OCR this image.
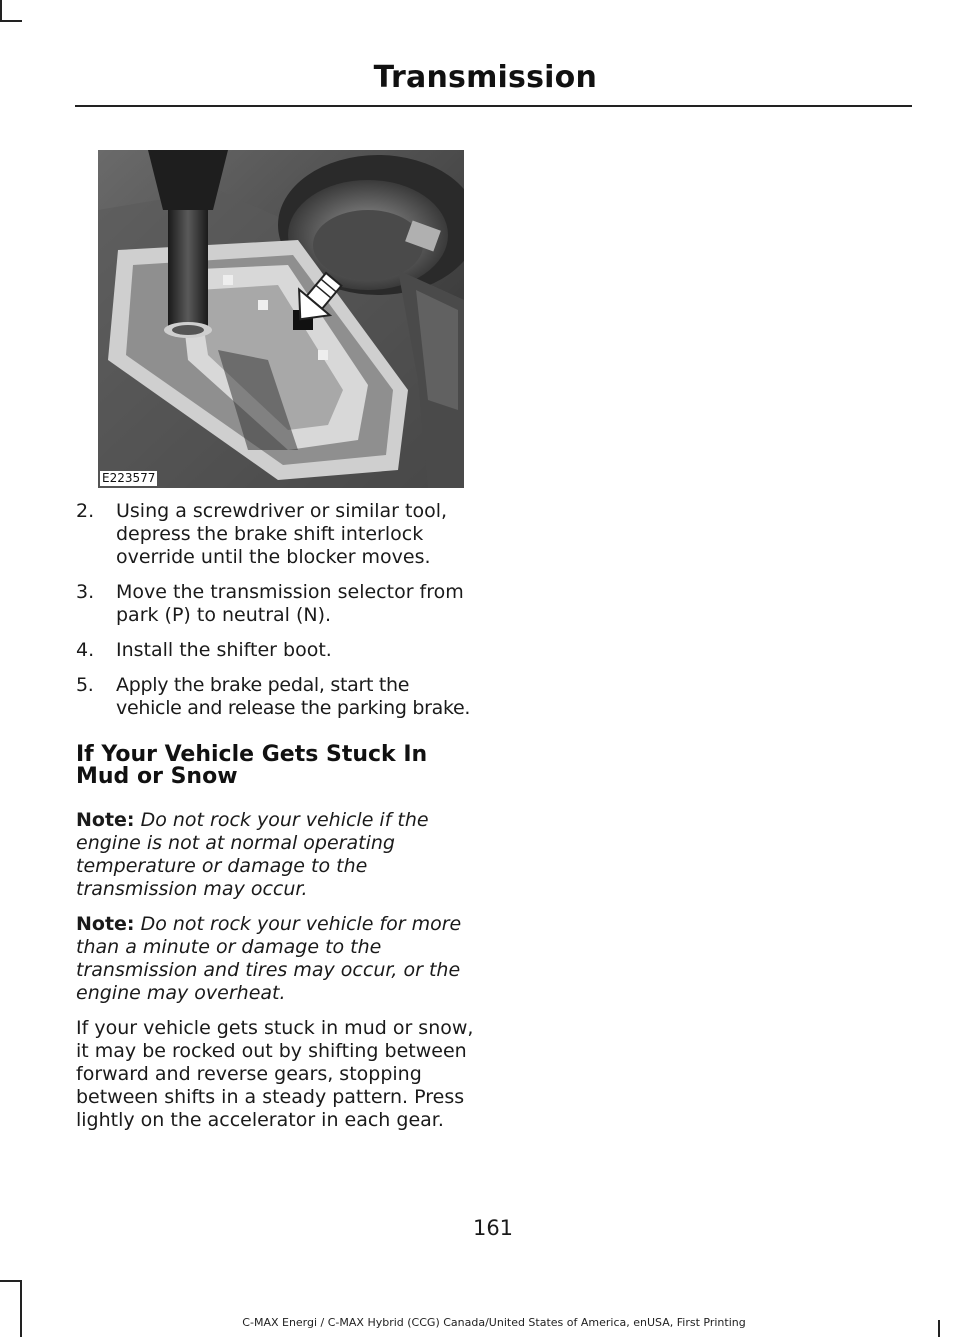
Transmission
E223577
2. Using a screwdriver or similar tool, depress the brake shift interlock override until the blocker moves.
3. Move the transmission selector from park (P) to neutral (N).
4. Install the shifter boot.
5. Apply the brake pedal, start the vehicle and release the parking brake.
If Your Vehicle Gets Stuck In Mud or Snow

Note: Do not rock your vehicle if the engine is not at normal operating temperature or damage to the transmission may occur.

Note: Do not rock your vehicle for more than a minute or damage to the transmission and tires may occur, or the engine may overheat.

If your vehicle gets stuck in mud or snow, it may be rocked out by shifting between forward and reverse gears, stopping between shifts in a steady pattern. Press lightly on the accelerator in each gear.

161
C-MAX Energi / C-MAX Hybrid (CCG) Canada/United States of America, enUSA, First Printing
